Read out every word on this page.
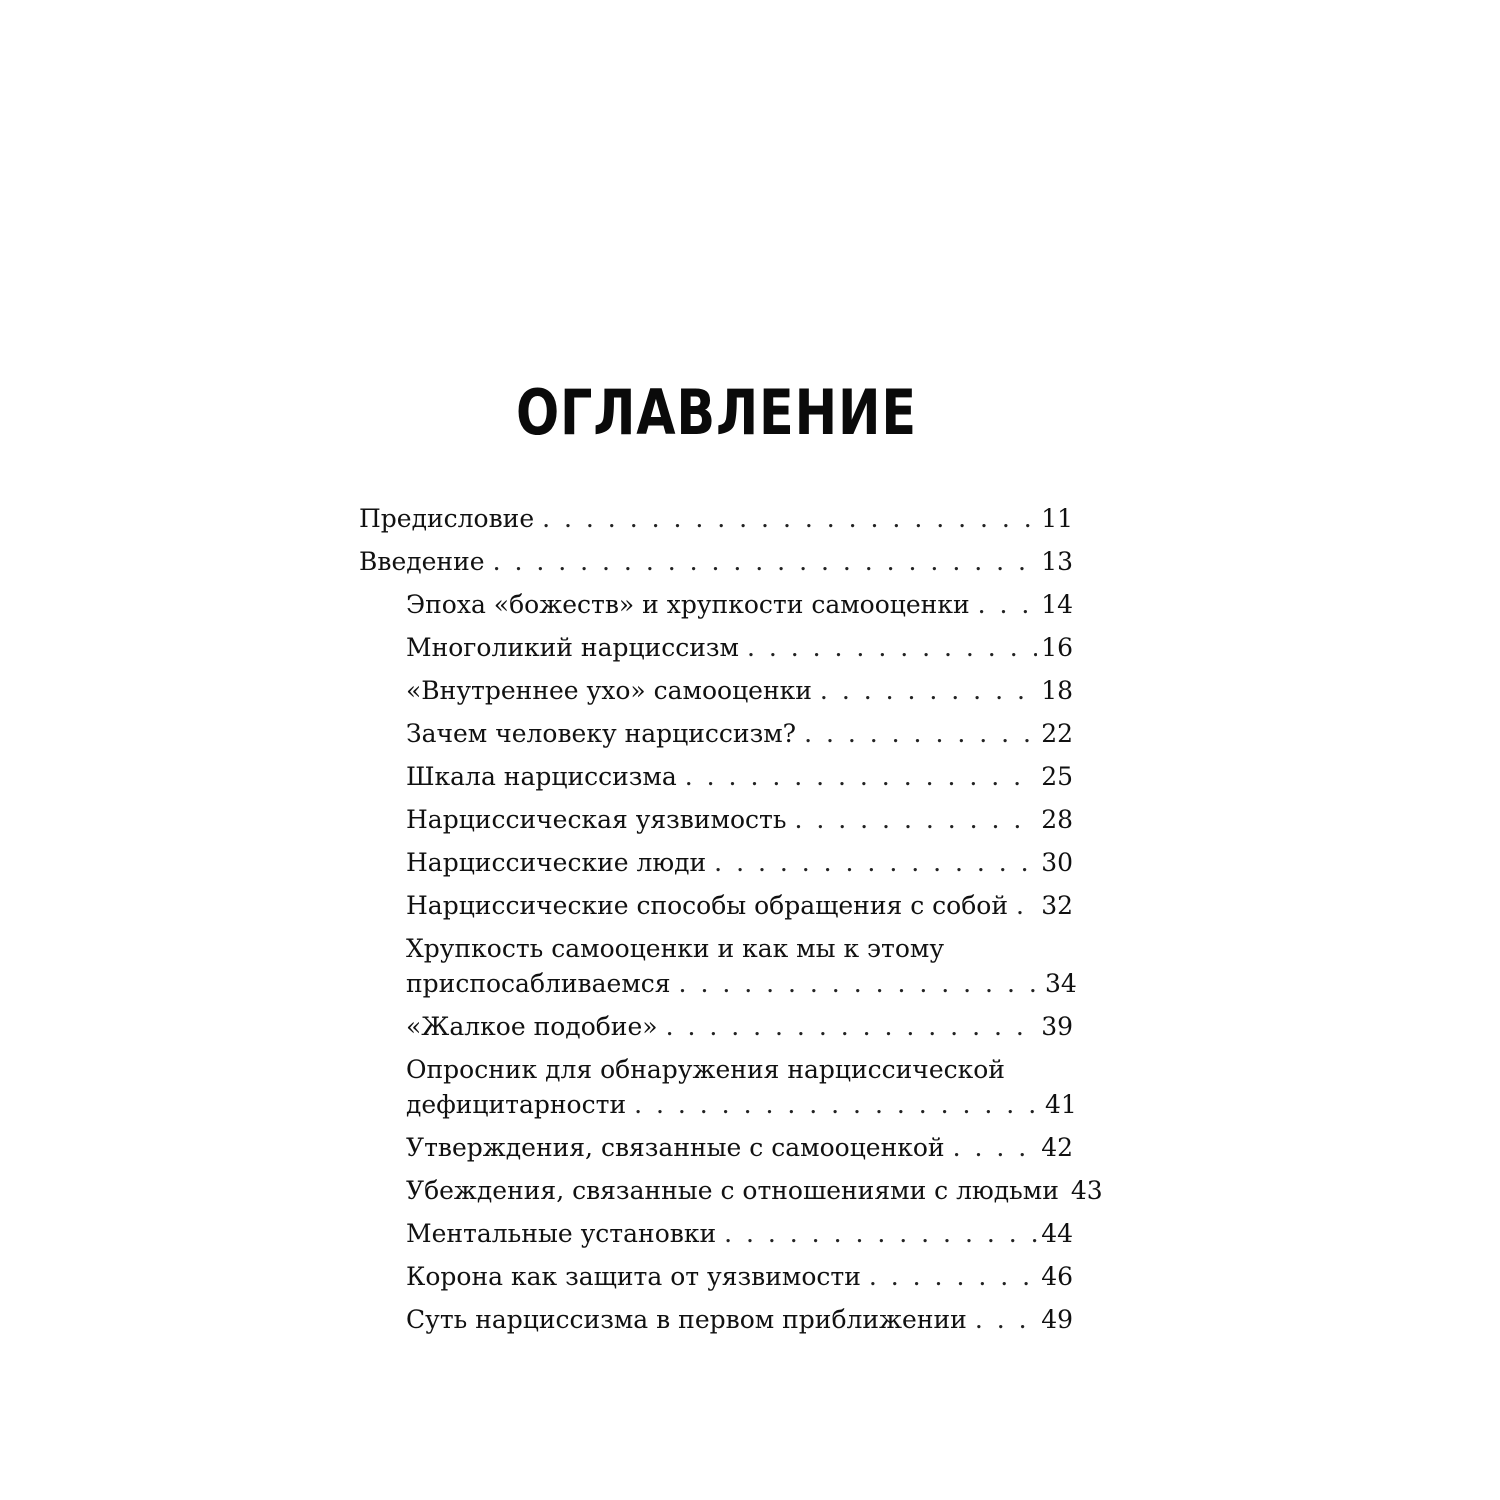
ОГЛАВЛЕНИЕ
Предисловие . . .	11
Введение . . .	13
Эпоха «божеств» и хрупкости самооценки . . .	14
Многоликий нарциссизм . . .	16
«Внутреннее ухо» самооценки . . .	18
Зачем человеку нарциссизм? . . .	22
Шкала нарциссизма . . .	25
Нарциссическая уязвимость . . .	28
Нарциссические люди . . .	30
Нарциссические способы обращения с собой . . . 32
Хрупкость самооценки и как мы к этому
приспосабливаемся . . .	34
«Жалкое подобие» . . .	39
Опросник для обнаружения нарциссической
дефицитарности . . .	41
Утверждения, связанные с самооценкой . . .	42
Убеждения, связанные с отношениями с людьми 43
Ментальные установки . . .	44
Корона как защита от уязвимости . . .	46
Суть нарциссизма в первом приближении . . .	49
